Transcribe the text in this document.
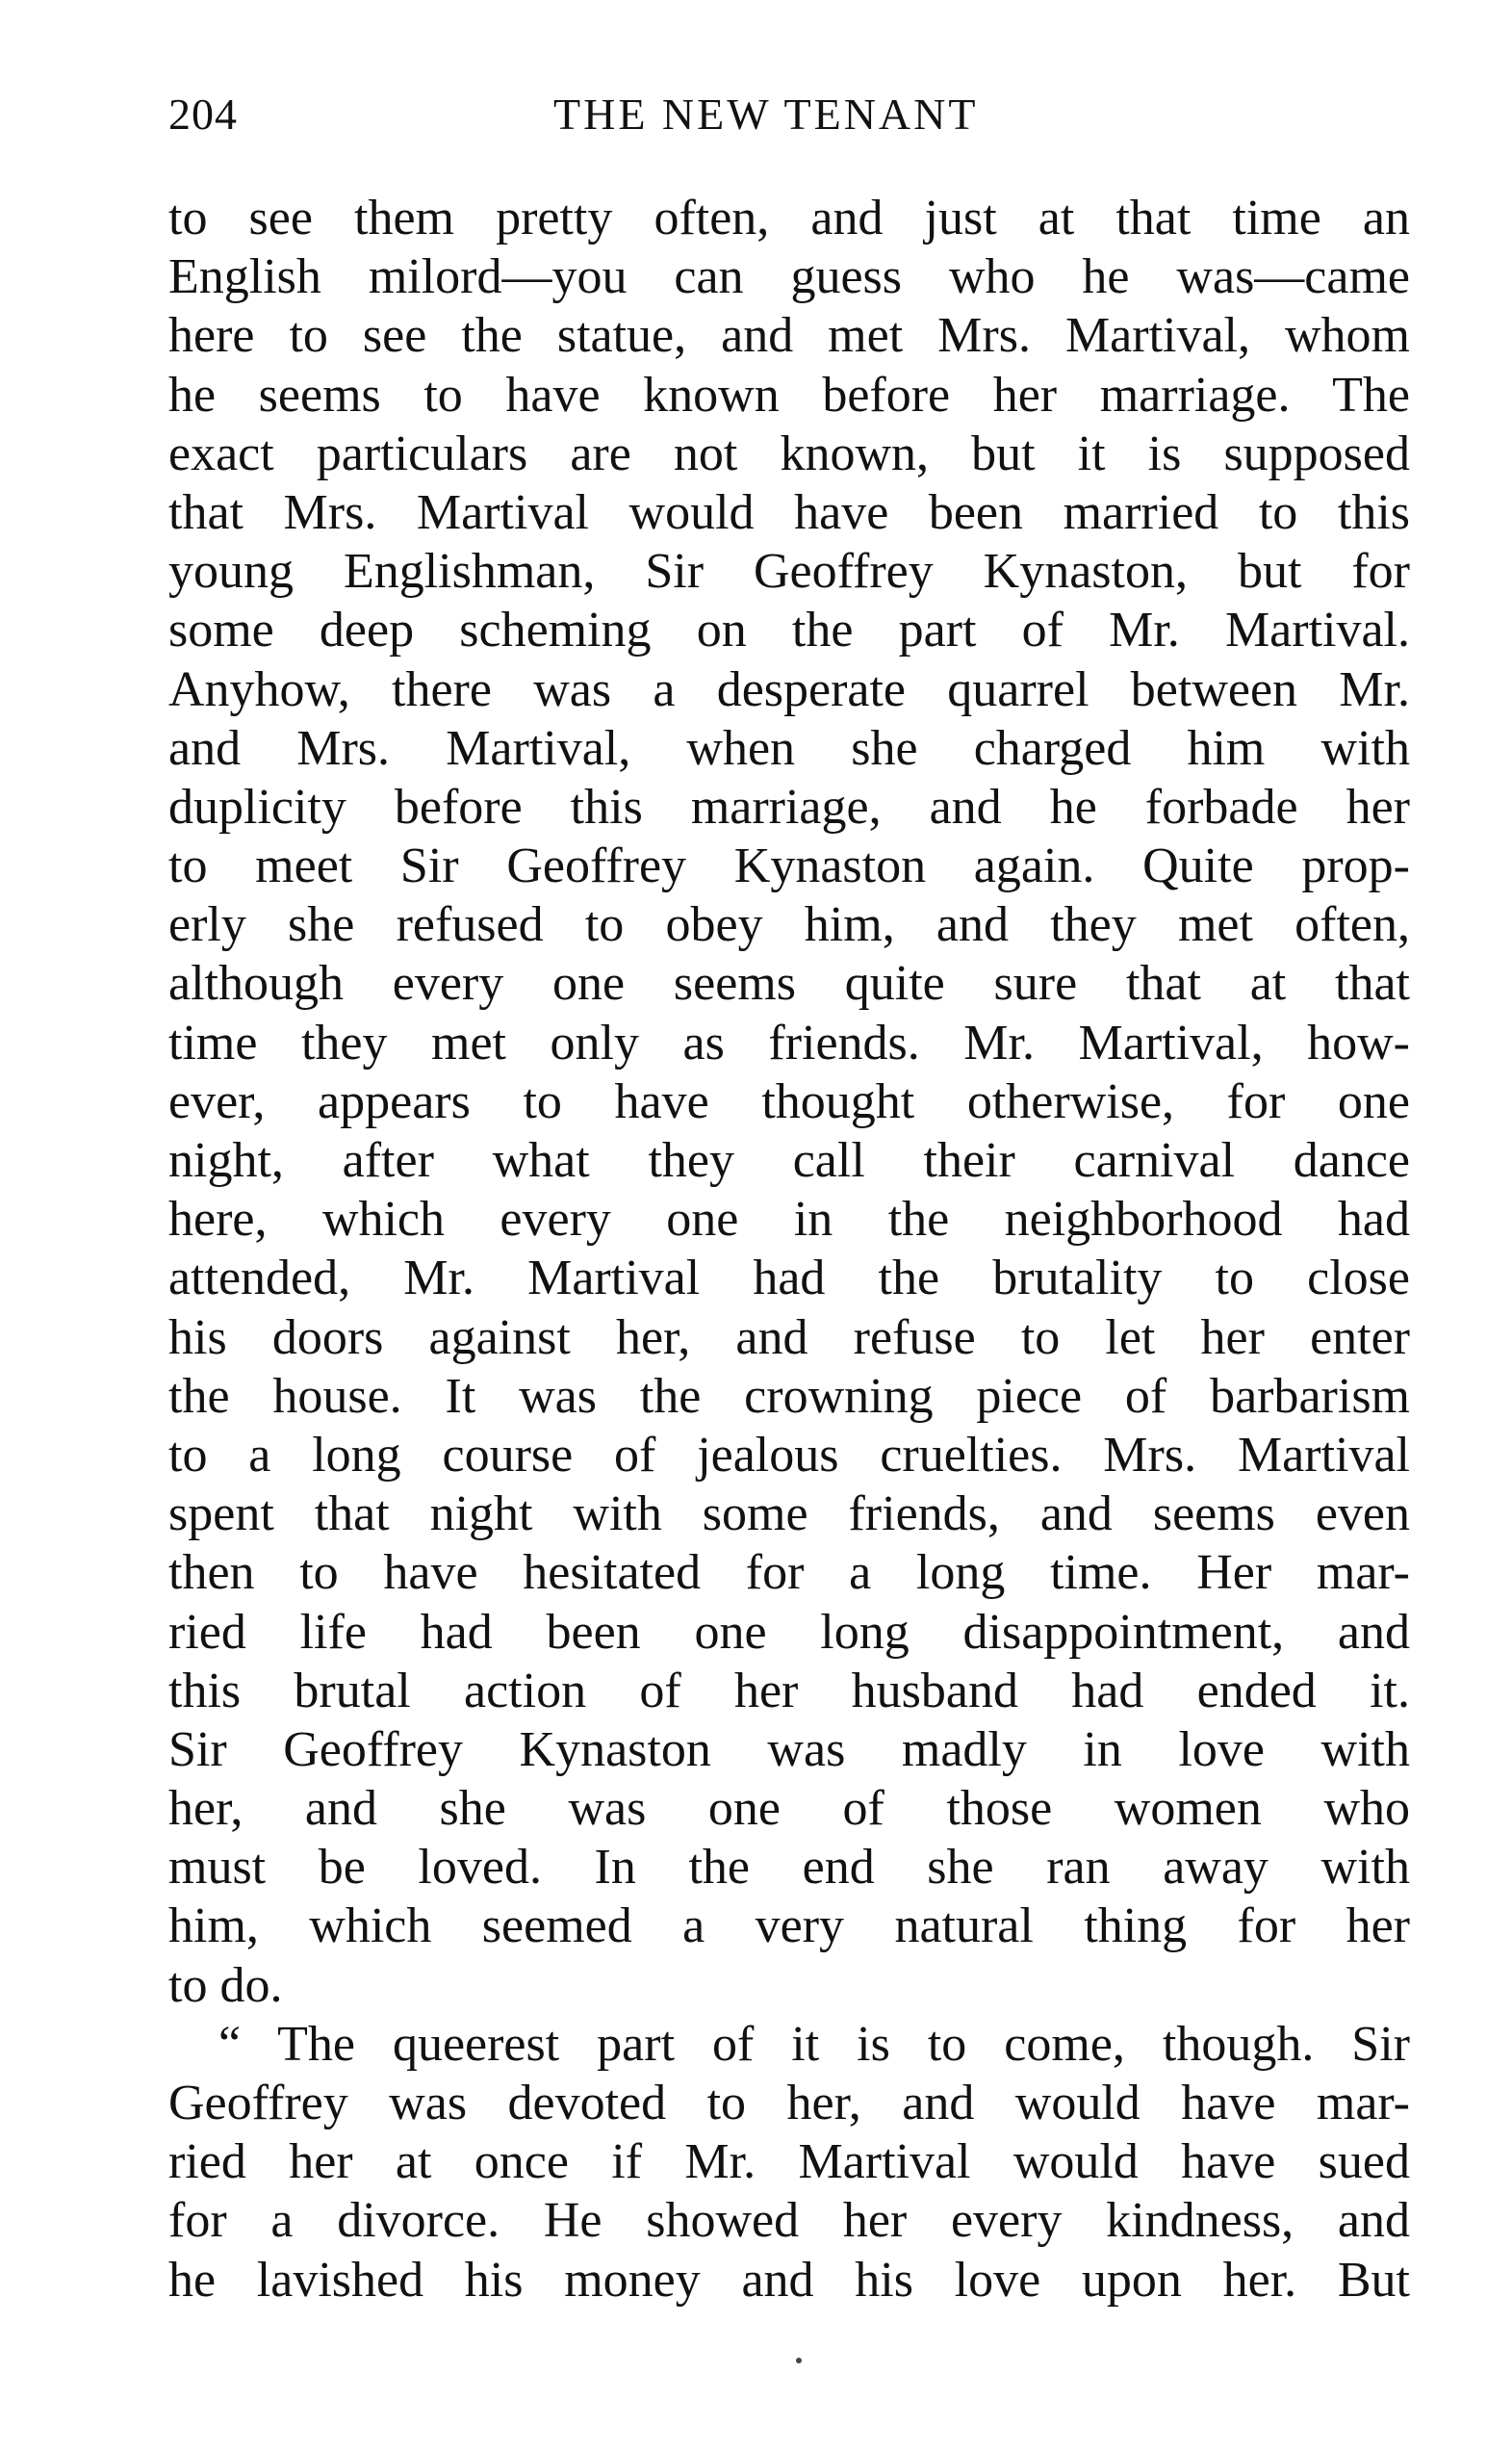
204	THE NEW TENANT
to see them pretty often, and just at that time an
English milord—you can guess who he was—came
here to see the statue, and met Mrs. Martival, whom
he seems to have known before her marriage. The
exact particulars are not known, but it is supposed
that Mrs. Martival would have been married to this
young Englishman, Sir Geoffrey Kynaston, but for
some deep scheming on the part of Mr. Martival.
Anyhow, there was a desperate quarrel between Mr.
and Mrs. Martival, when she charged him with
duplicity before this marriage, and he forbade her
to meet Sir Geoffrey Kynaston again. Quite prop-
erly she refused to obey him, and they met often,
although every one seems quite sure that at that
time they met only as friends. Mr. Martival, how-
ever, appears to have thought otherwise, for one
night, after what they call their carnival dance
here, which every one in the neighborhood had
attended, Mr. Martival had the brutality to close
his doors against her, and refuse to let her enter
the house. It was the crowning piece of barbarism
to a long course of jealous cruelties. Mrs. Martival
spent that night with some friends, and seems even
then to have hesitated for a long time. Her mar-
ried life had been one long disappointment, and
this brutal action of her husband had ended it.
Sir Geoffrey Kynaston was madly in love with
her, and she was one of those women who
must be loved. In the end she ran away with
him, which seemed a very natural thing for her
to do.
“ The queerest part of it is to come, though. Sir
Geoffrey was devoted to her, and would have mar-
ried her at once if Mr. Martival would have sued
for a divorce. He showed her every kindness, and
he lavished his money and his love upon her. But
